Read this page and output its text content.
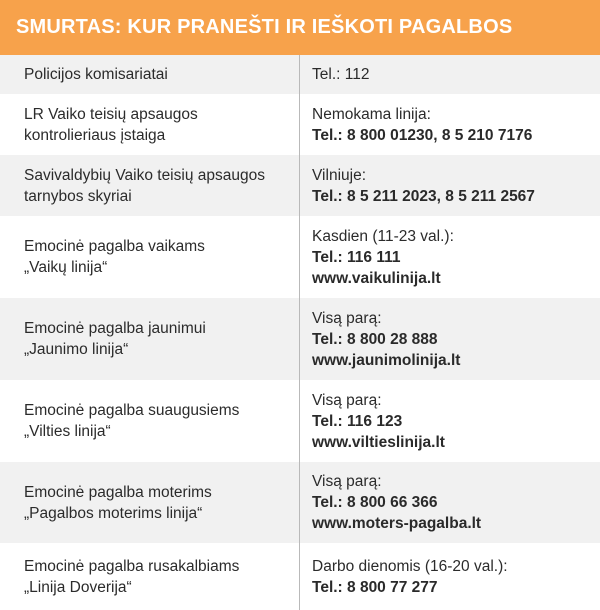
SMURTAS: KUR PRANEŠTI IR IEŠKOTI PAGALBOS
Policijos komisariatai	Tel.: 112
LR Vaiko teisių apsaugos
kontrolieriaus įstaiga
Nemokama linija:
Tel.: 8 800 01230, 8 5 210 7176
Savivaldybių Vaiko teisių apsaugos
tarnybos skyriai
Vilniuje:
Tel.: 8 5 211 2023, 8 5 211 2567
Emocinė pagalba vaikams
„Vaikų linija“
Kasdien (11-23 val.):
Tel.: 116 111
www.vaikulinija.lt
Emocinė pagalba jaunimui
„Jaunimo linija“
Visą parą:
Tel.: 8 800 28 888
www.jaunimolinija.lt
Emocinė pagalba suaugusiems
„Vilties linija“
Visą parą:
Tel.: 116 123
www.viltieslinija.lt
Emocinė pagalba moterims
„Pagalbos moterims linija“
Visą parą:
Tel.: 8 800 66 366
www.moters-pagalba.lt
Emocinė pagalba rusakalbiams
„Linija Doverija“
Darbo dienomis (16-20 val.):
Tel.: 8 800 77 277
